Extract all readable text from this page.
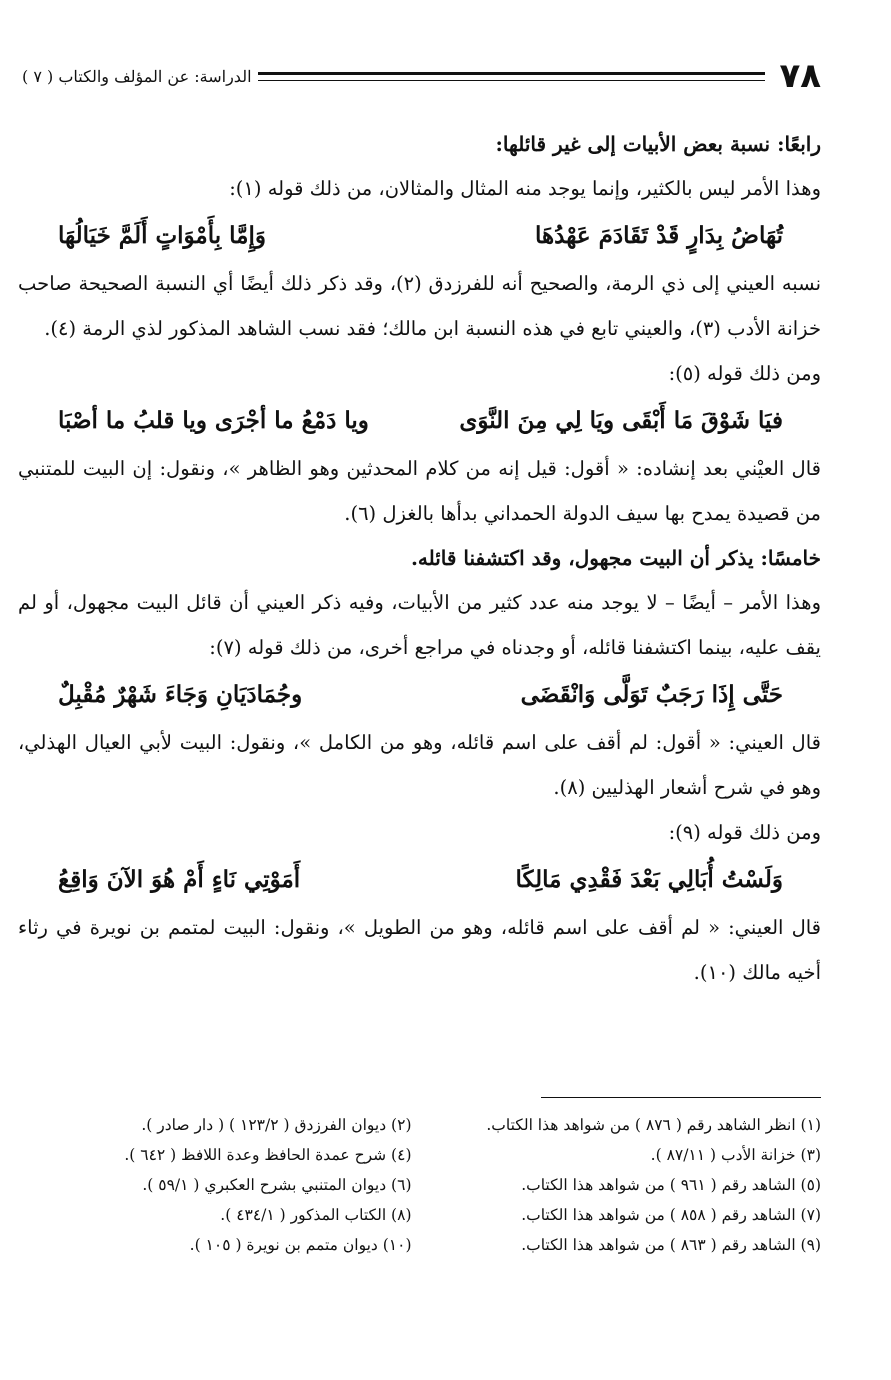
٧٨
الدراسة: عن المؤلف والكتاب ( ٧ )

رابعًا: نسبة بعض الأبيات إلى غير قائلها:

وهذا الأمر ليس بالكثير، وإنما يوجد منه المثال والمثالان، من ذلك قوله (١):

تُهَاضُ بِدَارٍ قَدْ تَقَادَمَ عَهْدُهَا
وَإِمَّا بِأَمْوَاتٍ أَلَمَّ خَيَالُهَا

نسبه العيني إلى ذي الرمة، والصحيح أنه للفرزدق (٢)، وقد ذكر ذلك أيضًا أي النسبة الصحيحة صاحب خزانة الأدب (٣)، والعيني تابع في هذه النسبة ابن مالك؛ فقد نسب الشاهد المذكور لذي الرمة (٤).

ومن ذلك قوله (٥):

فيَا شَوْقَ مَا أَبْقَى ويَا لِي مِنَ النَّوَى
ويا دَمْعُ ما أجْرَى ويا قلبُ ما أصْبَا

قال العيْني بعد إنشاده: « أقول: قيل إنه من كلام المحدثين وهو الظاهر »، ونقول: إن البيت للمتنبي من قصيدة يمدح بها سيف الدولة الحمداني بدأها بالغزل (٦).

خامسًا: يذكر أن البيت مجهول، وقد اكتشفنا قائله.

وهذا الأمر – أيضًا – لا يوجد منه عدد كثير من الأبيات، وفيه ذكر العيني أن قائل البيت مجهول، أو لم يقف عليه، بينما اكتشفنا قائله، أو وجدناه في مراجع أخرى، من ذلك قوله (٧):

حَتَّى إِذَا رَجَبٌ تَوَلَّى وَانْقَضَى
وجُمَادَيَانِ وَجَاءَ شَهْرٌ مُقْبِلٌ

قال العيني: « أقول: لم أقف على اسم قائله، وهو من الكامل »، ونقول: البيت لأبي العيال الهذلي، وهو في شرح أشعار الهذليين (٨).

ومن ذلك قوله (٩):

وَلَسْتُ أُبَالِي بَعْدَ فَقْدِي مَالِكًا
أَمَوْتِي نَاءٍ أَمْ هُوَ الآنَ وَاقِعُ

قال العيني: « لم أقف على اسم قائله، وهو من الطويل »، ونقول: البيت لمتمم بن نويرة في رثاء أخيه مالك (١٠).

(١) انظر الشاهد رقم ( ٨٧٦ ) من شواهد هذا الكتاب.
(٢) ديوان الفرزدق ( ١٢٣/٢ ) ( دار صادر ).
(٣) خزانة الأدب ( ٨٧/١١ ).
(٤) شرح عمدة الحافظ وعدة اللافظ ( ٦٤٢ ).
(٥) الشاهد رقم ( ٩٦١ ) من شواهد هذا الكتاب.
(٦) ديوان المتنبي بشرح العكبري ( ٥٩/١ ).
(٧) الشاهد رقم ( ٨٥٨ ) من شواهد هذا الكتاب.
(٨) الكتاب المذكور ( ٤٣٤/١ ).
(٩) الشاهد رقم ( ٨٦٣ ) من شواهد هذا الكتاب.
(١٠) ديوان متمم بن نويرة ( ١٠٥ ).
